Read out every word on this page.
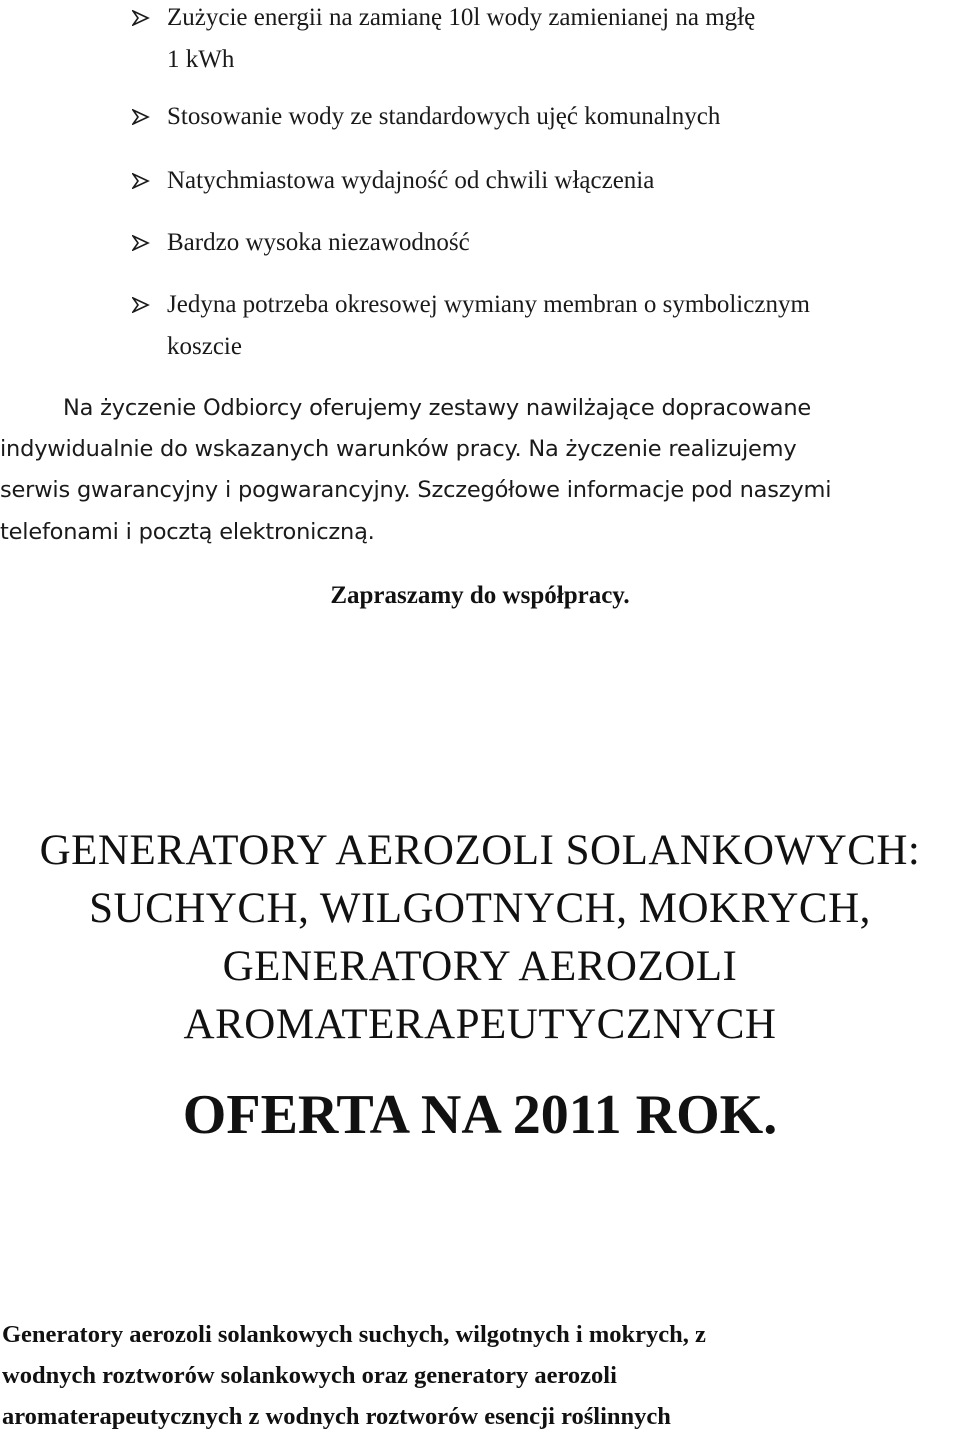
Zużycie energii na zamianę 10l wody zamienianej na mgłę
1 kWh
Stosowanie wody ze standardowych ujęć komunalnych
Natychmiastowa wydajność od chwili włączenia
Bardzo wysoka niezawodność
Jedyna potrzeba okresowej wymiany membran o symbolicznym
koszcie
Na życzenie Odbiorcy oferujemy zestawy nawilżające dopracowane
indywidualnie do wskazanych warunków pracy. Na życzenie realizujemy
serwis gwarancyjny i pogwarancyjny. Szczegółowe informacje pod naszymi
telefonami i pocztą elektroniczną.
Zapraszamy do współpracy.
GENERATORY AEROZOLI SOLANKOWYCH:
SUCHYCH, WILGOTNYCH, MOKRYCH,
GENERATORY AEROZOLI
AROMATERAPEUTYCZNYCH
OFERTA NA 2011 ROK.
Generatory aerozoli solankowych suchych, wilgotnych i mokrych, z
wodnych roztworów solankowych oraz generatory aerozoli
aromaterapeutycznych z wodnych roztworów esencji roślinnych
